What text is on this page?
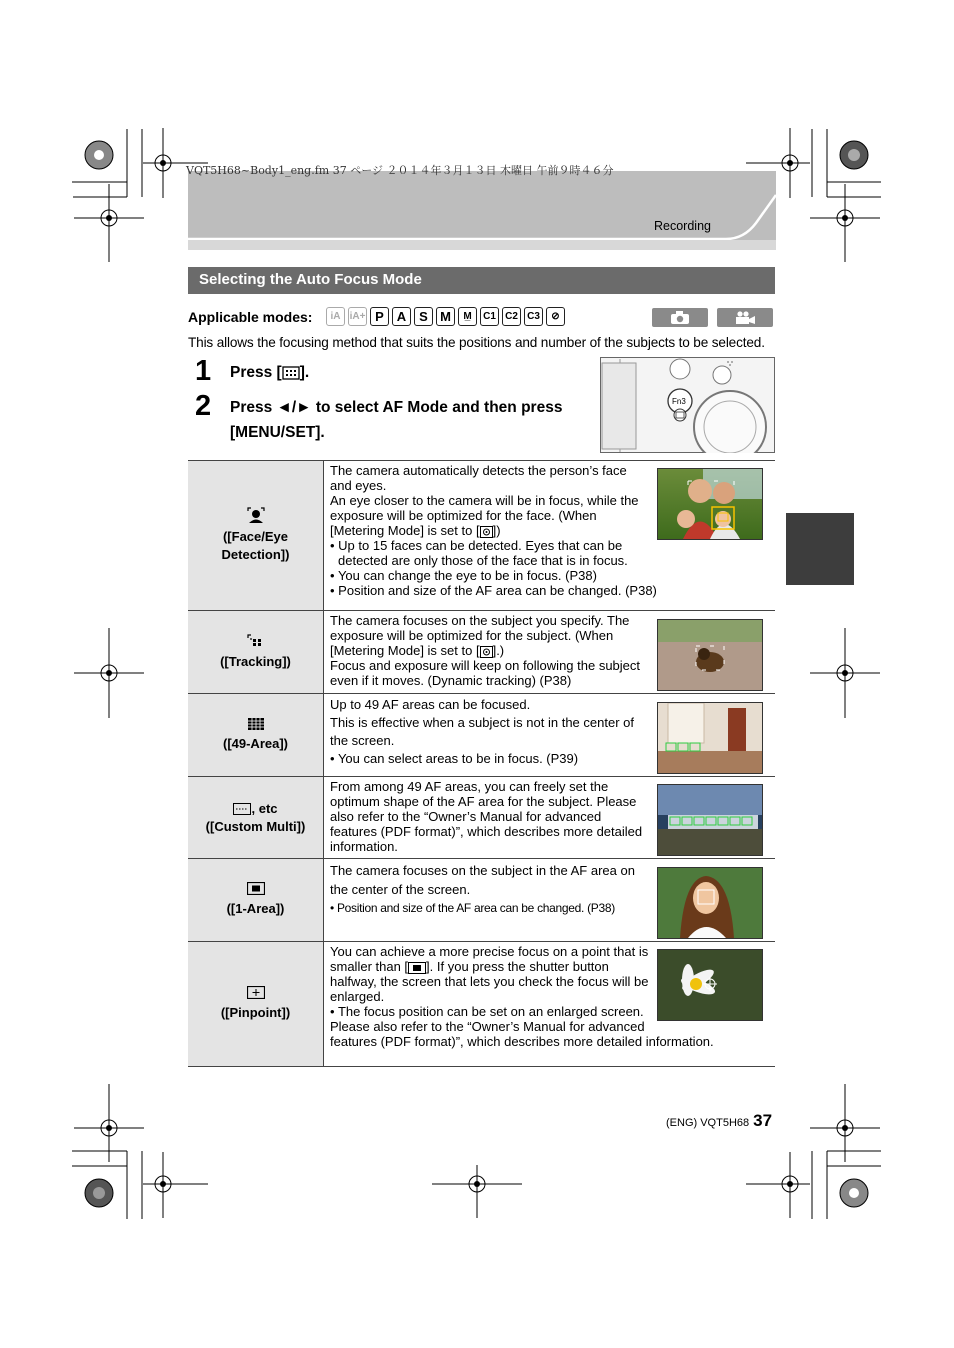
VQT5H68~Body1_eng.fm 37 ページ ２０１４年３月１３日 木曜日 午前９時４６分
Recording
Selecting the Auto Focus Mode
Applicable modes:	iA iA+ P A S M	M̲	C1 C2 C3	⊘
This allows the focusing method that suits the positions and number of the subjects to be selected.
1 Press [ ].
2 Press ◄/► to select AF Mode and then press [MENU/SET].
Fn3

([Face/Eye Detection])	The camera automatically detects the person’s face and eyes.

An eye closer to the camera will be in focus, while the exposure will be optimized for the face. (When [Metering Mode] is set to [ ])

• Up to 15 faces can be detected. Eyes that can be detected are only those of the face that is in focus.

• You can change the eye to be in focus. (P38)

• Position and size of the AF area can be changed. (P38)

([Tracking])	The camera focuses on the subject you specify. The exposure will be optimized for the subject. (When [Metering Mode] is set to [ ].)

Focus and exposure will keep on following the subject even if it moves. (Dynamic tracking) (P38)

([49-Area])	Up to 49 AF areas can be focused.

This is effective when a subject is not in the center of the screen.

• You can select areas to be in focus. (P39)

, etc
([Custom Multi])	From among 49 AF areas, you can freely set the optimum shape of the AF area for the subject. Please also refer to the “Owner’s Manual for advanced features (PDF format)”, which describes more detailed information.

([1-Area])	The camera focuses on the subject in the AF area on the center of the screen.

• Position and size of the AF area can be changed. (P38)

([Pinpoint])	You can achieve a more precise focus on a point that is smaller than [ ]. If you press the shutter button halfway, the screen that lets you check the focus will be enlarged.

• The focus position can be set on an enlarged screen.

Please also refer to the “Owner’s Manual for advanced features (PDF format)”, which describes more detailed information.

(ENG) VQT5H68 37
